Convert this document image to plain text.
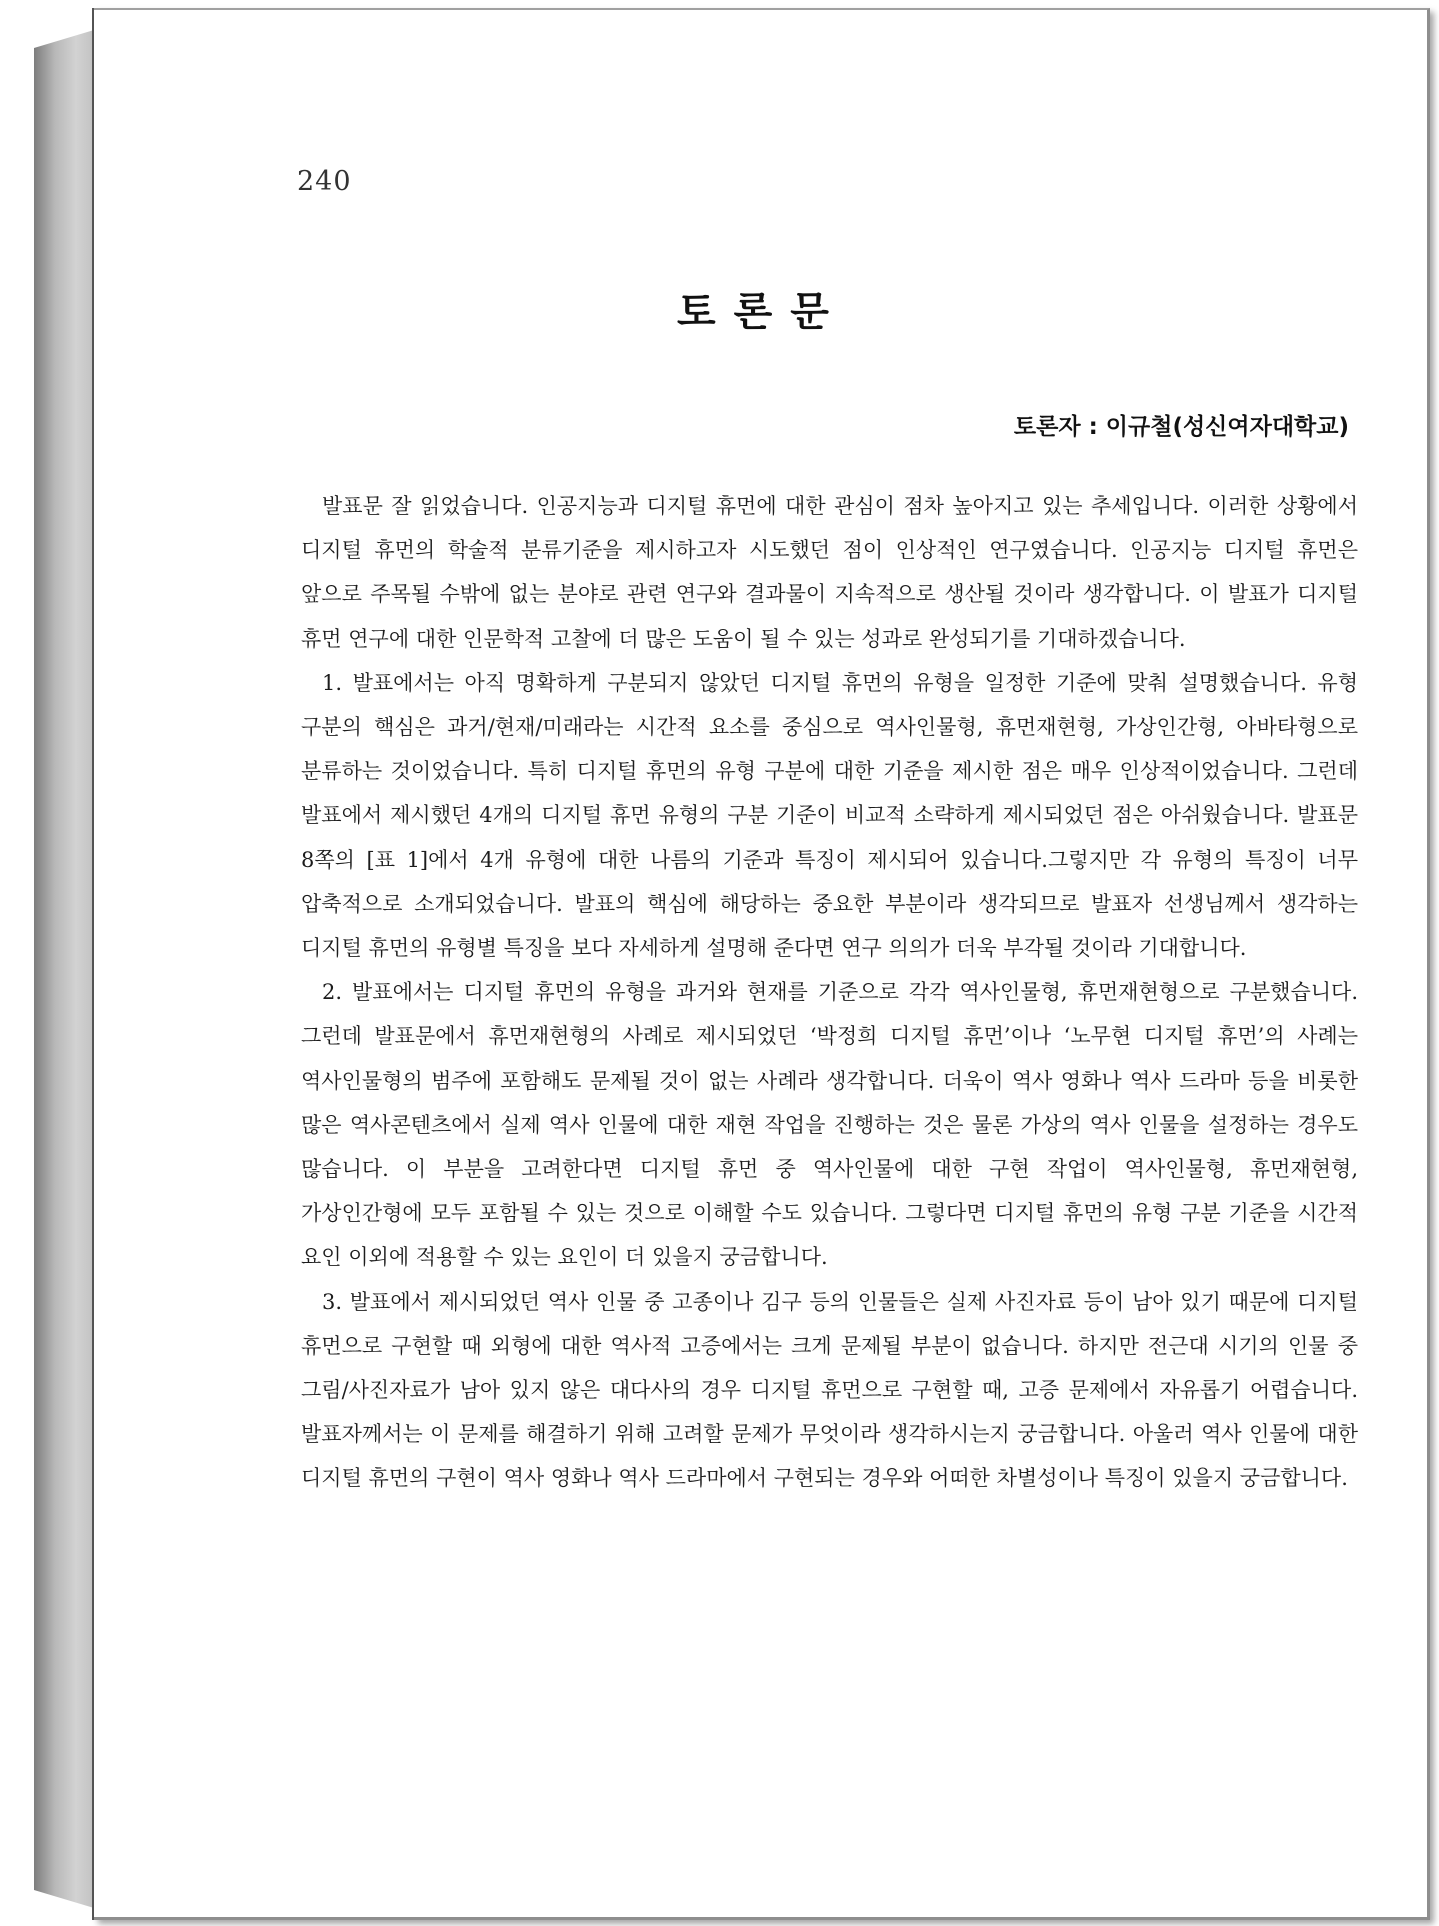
240
토론문
토론자 : 이규철(성신여자대학교)

발표문 잘 읽었습니다. 인공지능과 디지털 휴먼에 대한 관심이 점차 높아지고 있는 추세입니다. 이러한 상황에서 디지털 휴먼의 학술적 분류기준을 제시하고자 시도했던 점이 인상적인 연구였습니다. 인공지능 디지털 휴먼은 앞으로 주목될 수밖에 없는 분야로 관련 연구와 결과물이 지속적으로 생산될 것이라 생각합니다. 이 발표가 디지털 휴먼 연구에 대한 인문학적 고찰에 더 많은 도움이 될 수 있는 성과로 완성되기를 기대하겠습니다.

1. 발표에서는 아직 명확하게 구분되지 않았던 디지털 휴먼의 유형을 일정한 기준에 맞춰 설명했습니다. 유형 구분의 핵심은 과거/현재/미래라는 시간적 요소를 중심으로 역사인물형, 휴먼재현형, 가상인간형, 아바타형으로 분류하는 것이었습니다. 특히 디지털 휴먼의 유형 구분에 대한 기준을 제시한 점은 매우 인상적이었습니다. 그런데 발표에서 제시했던 4개의 디지털 휴먼 유형의 구분 기준이 비교적 소략하게 제시되었던 점은 아쉬웠습니다. 발표문 8쪽의 [표 1]에서 4개 유형에 대한 나름의 기준과 특징이 제시되어 있습니다.그렇지만 각 유형의 특징이 너무 압축적으로 소개되었습니다. 발표의 핵심에 해당하는 중요한 부분이라 생각되므로 발표자 선생님께서 생각하는 디지털 휴먼의 유형별 특징을 보다 자세하게 설명해 준다면 연구 의의가 더욱 부각될 것이라 기대합니다.

2. 발표에서는 디지털 휴먼의 유형을 과거와 현재를 기준으로 각각 역사인물형, 휴먼재현형으로 구분했습니다. 그런데 발표문에서 휴먼재현형의 사례로 제시되었던 ‘박정희 디지털 휴먼’이나 ‘노무현 디지털 휴먼’의 사례는 역사인물형의 범주에 포함해도 문제될 것이 없는 사례라 생각합니다. 더욱이 역사 영화나 역사 드라마 등을 비롯한 많은 역사콘텐츠에서 실제 역사 인물에 대한 재현 작업을 진행하는 것은 물론 가상의 역사 인물을 설정하는 경우도 많습니다. 이 부분을 고려한다면 디지털 휴먼 중 역사인물에 대한 구현 작업이 역사인물형, 휴먼재현형, 가상인간형에 모두 포함될 수 있는 것으로 이해할 수도 있습니다. 그렇다면 디지털 휴먼의 유형 구분 기준을 시간적 요인 이외에 적용할 수 있는 요인이 더 있을지 궁금합니다.

3. 발표에서 제시되었던 역사 인물 중 고종이나 김구 등의 인물들은 실제 사진자료 등이 남아 있기 때문에 디지털 휴먼으로 구현할 때 외형에 대한 역사적 고증에서는 크게 문제될 부분이 없습니다. 하지만 전근대 시기의 인물 중 그림/사진자료가 남아 있지 않은 대다사의 경우 디지털 휴먼으로 구현할 때, 고증 문제에서 자유롭기 어렵습니다. 발표자께서는 이 문제를 해결하기 위해 고려할 문제가 무엇이라 생각하시는지 궁금합니다. 아울러 역사 인물에 대한 디지털 휴먼의 구현이 역사 영화나 역사 드라마에서 구현되는 경우와 어떠한 차별성이나 특징이 있을지 궁금합니다.
